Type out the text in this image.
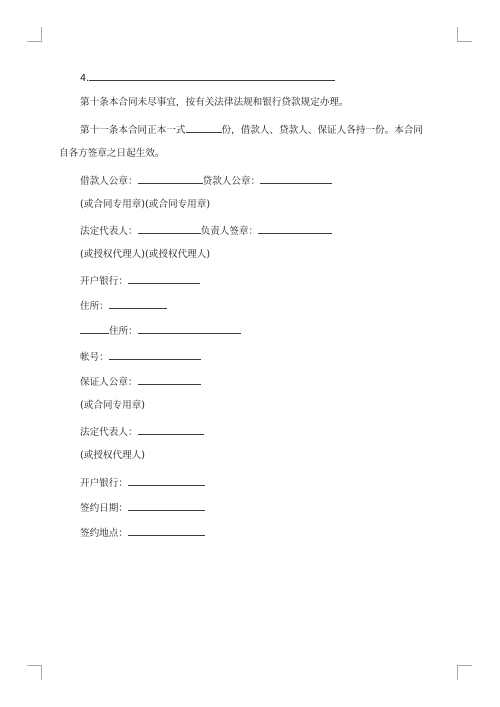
4.
第十条本合同未尽事宜，按有关法律法规和银行贷款规定办理。
第十一条本合同正本一式	份，借款人、贷款人、保证人各持一份。本合同
自各方签章之日起生效。
借款人公章：	贷款人公章：
(或合同专用章)(或合同专用章)
法定代表人：	负责人签章：
(或授权代理人)(或授权代理人)
开户银行：
住所：
住所：
帐号：
保证人公章：
(或合同专用章)
法定代表人：
(或授权代理人)
开户银行：
签约日期：
签约地点：
